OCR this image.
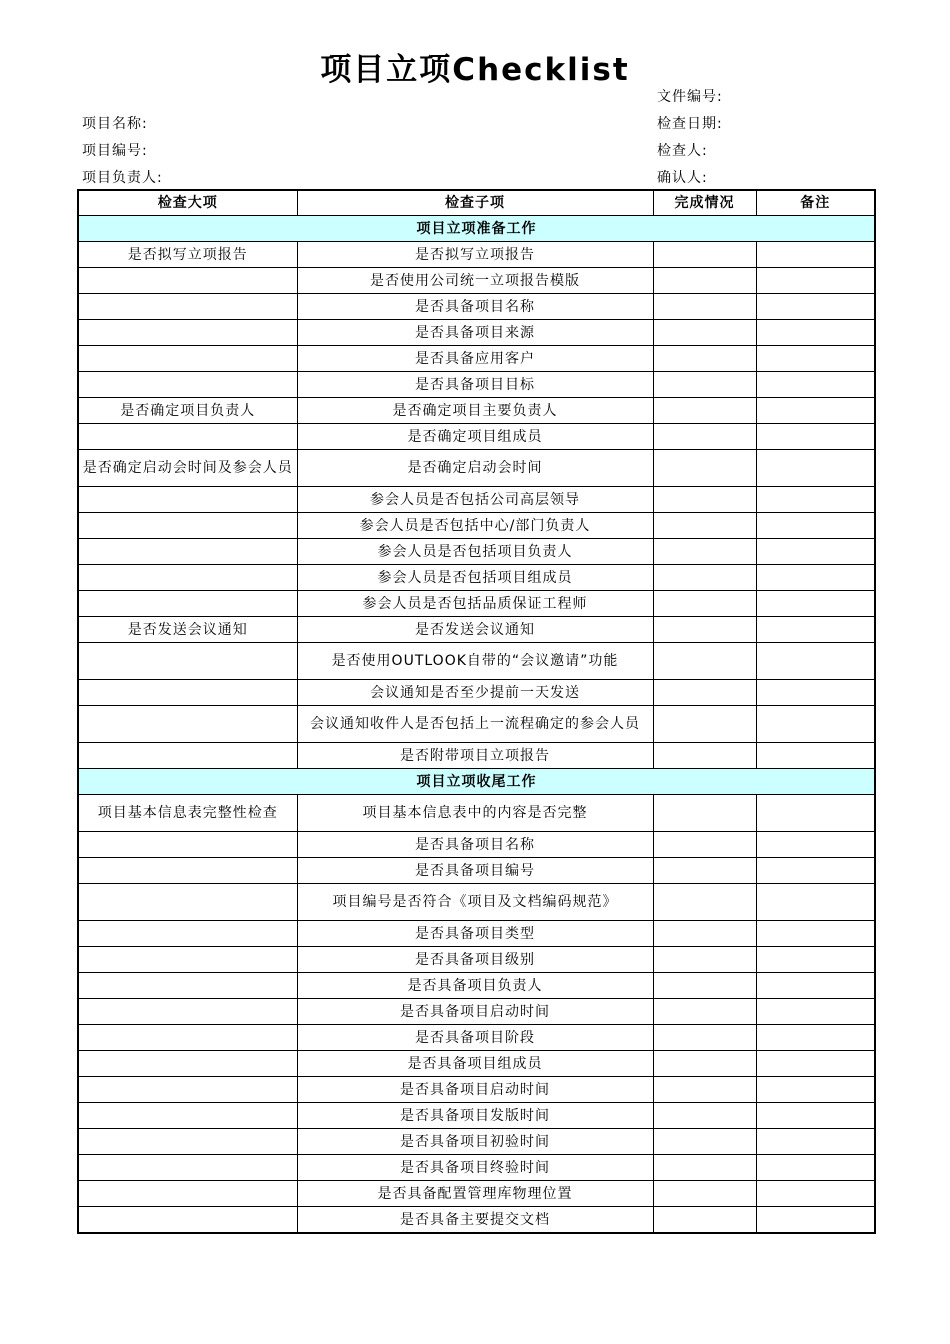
项目立项Checklist
文件编号:
项目名称:	检查日期:
项目编号:	检查人:
项目负责人:	确认人:
检查大项	检查子项	完成情况	备注
项目立项准备工作			
是否拟写立项报告	是否拟写立项报告		
	是否使用公司统一立项报告模版		
	是否具备项目名称		
	是否具备项目来源		
	是否具备应用客户		
	是否具备项目目标		
是否确定项目负责人	是否确定项目主要负责人		
	是否确定项目组成员		
是否确定启动会时间及参会人员	是否确定启动会时间		
	参会人员是否包括公司高层领导		
	参会人员是否包括中心/部门负责人		
	参会人员是否包括项目负责人		
	参会人员是否包括项目组成员		
	参会人员是否包括品质保证工程师		
是否发送会议通知	是否发送会议通知		
	是否使用OUTLOOK自带的“会议邀请”功能		
	会议通知是否至少提前一天发送		
	会议通知收件人是否包括上一流程确定的参会人员		
	是否附带项目立项报告		
项目立项收尾工作			
项目基本信息表完整性检查	项目基本信息表中的内容是否完整		
	是否具备项目名称		
	是否具备项目编号		
	项目编号是否符合《项目及文档编码规范》		
	是否具备项目类型		
	是否具备项目级别		
	是否具备项目负责人		
	是否具备项目启动时间		
	是否具备项目阶段		
	是否具备项目组成员		
	是否具备项目启动时间		
	是否具备项目发版时间		
	是否具备项目初验时间		
	是否具备项目终验时间		
	是否具备配置管理库物理位置		
	是否具备主要提交文档		
